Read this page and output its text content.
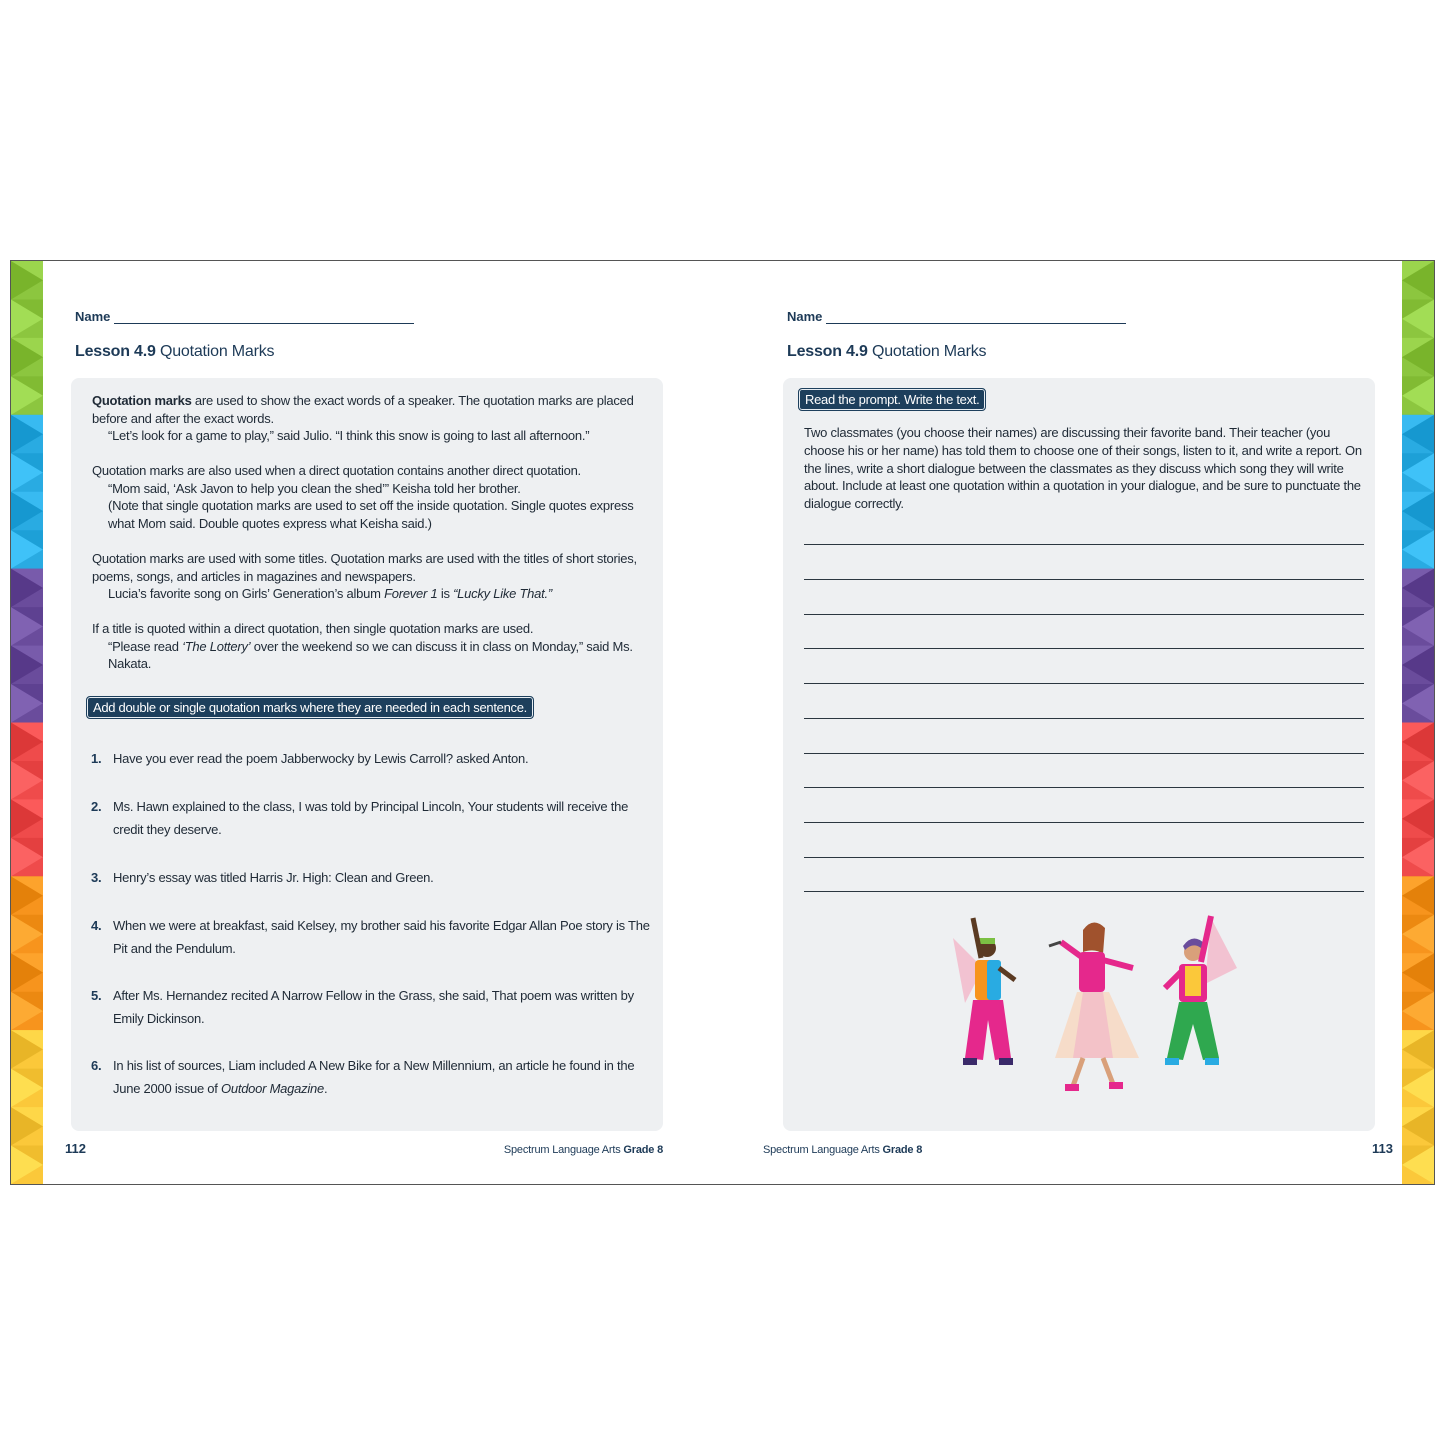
Name
Lesson 4.9 Quotation Marks

Quotation marks are used to show the exact words of a speaker. The quotation marks are placed before and after the exact words.
“Let’s look for a game to play,” said Julio. “I think this snow is going to last all afternoon.”

Quotation marks are also used when a direct quotation contains another direct quotation.
“Mom said, ‘Ask Javon to help you clean the shed’” Keisha told her brother.
(Note that single quotation marks are used to set off the inside quotation. Single quotes express what Mom said. Double quotes express what Keisha said.)

Quotation marks are used with some titles. Quotation marks are used with the titles of short stories, poems, songs, and articles in magazines and newspapers.
Lucia’s favorite song on Girls’ Generation’s album Forever 1 is “Lucky Like That.”

If a title is quoted within a direct quotation, then single quotation marks are used.
“Please read ‘The Lottery’ over the weekend so we can discuss it in class on Monday,” said Ms. Nakata.

Add double or single quotation marks where they are needed in each sentence.
1. Have you ever read the poem Jabberwocky by Lewis Carroll? asked Anton.
2. Ms. Hawn explained to the class, I was told by Principal Lincoln, Your students will receive the credit they deserve.
3. Henry’s essay was titled Harris Jr. High: Clean and Green.
4. When we were at breakfast, said Kelsey, my brother said his favorite Edgar Allan Poe story is The Pit and the Pendulum.
5. After Ms. Hernandez recited A Narrow Fellow in the Grass, she said, That poem was written by Emily Dickinson.
6. In his list of sources, Liam included A New Bike for a New Millennium, an article he found in the June 2000 issue of Outdoor Magazine.
112	Spectrum Language Arts Grade 8
Name
Lesson 4.9 Quotation Marks
Read the prompt. Write the text.
Two classmates (you choose their names) are discussing their favorite band. Their teacher (you choose his or her name) has told them to choose one of their songs, listen to it, and write a report. On the lines, write a short dialogue between the classmates as they discuss which song they will write about. Include at least one quotation within a quotation in your dialogue, and be sure to punctuate the dialogue correctly.
Spectrum Language Arts Grade 8	113
